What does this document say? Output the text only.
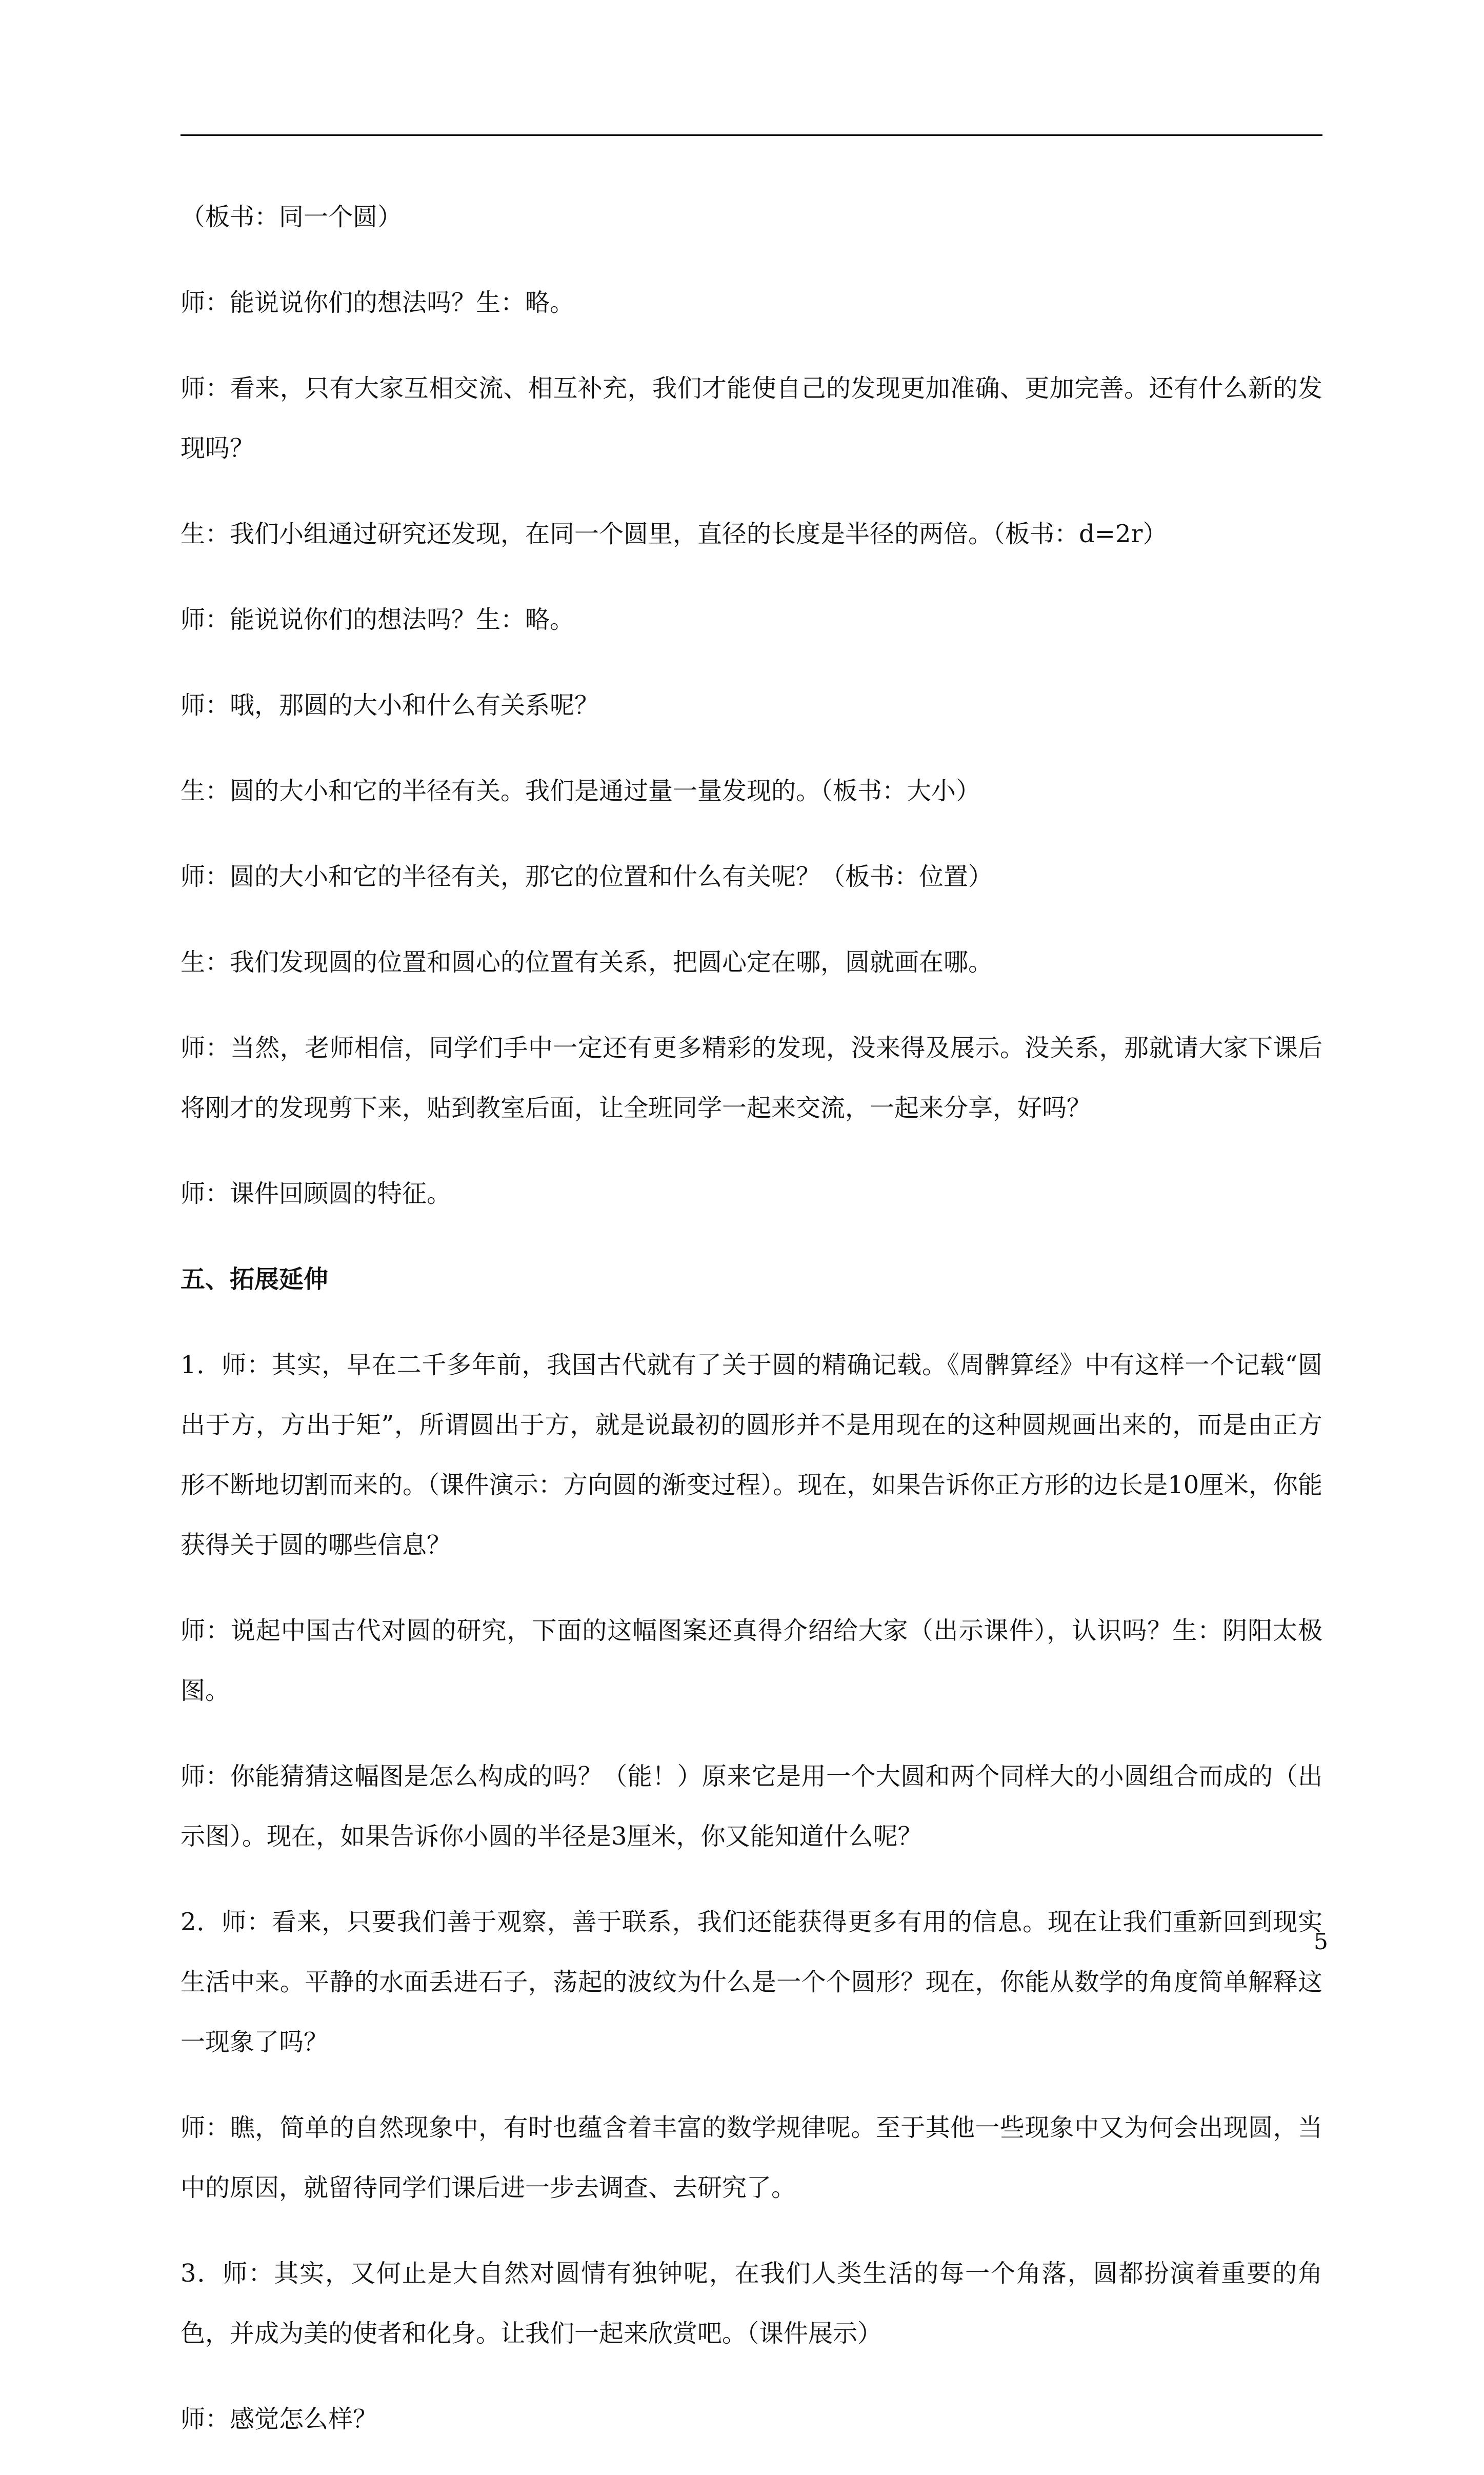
（板书：同一个圆）

师：能说说你们的想法吗？生：略。

师：看来，只有大家互相交流、相互补充，我们才能使自己的发现更加准确、更加完善。还有什么新的发现吗？

生：我们小组通过研究还发现，在同一个圆里，直径的长度是半径的两倍。（板书：d=2r）

师：能说说你们的想法吗？生：略。

师：哦，那圆的大小和什么有关系呢？

生：圆的大小和它的半径有关。我们是通过量一量发现的。（板书：大小）

师：圆的大小和它的半径有关，那它的位置和什么有关呢？（板书：位置）

生：我们发现圆的位置和圆心的位置有关系，把圆心定在哪，圆就画在哪。

师：当然，老师相信，同学们手中一定还有更多精彩的发现，没来得及展示。没关系，那就请大家下课后将刚才的发现剪下来，贴到教室后面，让全班同学一起来交流，一起来分享，好吗？

师：课件回顾圆的特征。

五、拓展延伸

1．师：其实，早在二千多年前，我国古代就有了关于圆的精确记载。《周髀算经》中有这样一个记载“圆出于方，方出于矩”，所谓圆出于方，就是说最初的圆形并不是用现在的这种圆规画出来的，而是由正方形不断地切割而来的。（课件演示：方向圆的渐变过程）。现在，如果告诉你正方形的边长是10厘米，你能获得关于圆的哪些信息？

师：说起中国古代对圆的研究，下面的这幅图案还真得介绍给大家（出示课件），认识吗？生：阴阳太极图。

师：你能猜猜这幅图是怎么构成的吗？（能！）原来它是用一个大圆和两个同样大的小圆组合而成的（出示图）。现在，如果告诉你小圆的半径是3厘米，你又能知道什么呢？

2．师：看来，只要我们善于观察，善于联系，我们还能获得更多有用的信息。现在让我们重新回到现实生活中来。平静的水面丢进石子，荡起的波纹为什么是一个个圆形？现在，你能从数学的角度简单解释这一现象了吗？

师：瞧，简单的自然现象中，有时也蕴含着丰富的数学规律呢。至于其他一些现象中又为何会出现圆，当中的原因，就留待同学们课后进一步去调查、去研究了。

3．师：其实，又何止是大自然对圆情有独钟呢，在我们人类生活的每一个角落，圆都扮演着重要的角色，并成为美的使者和化身。让我们一起来欣赏吧。（课件展示）

师：感觉怎么样？

5
